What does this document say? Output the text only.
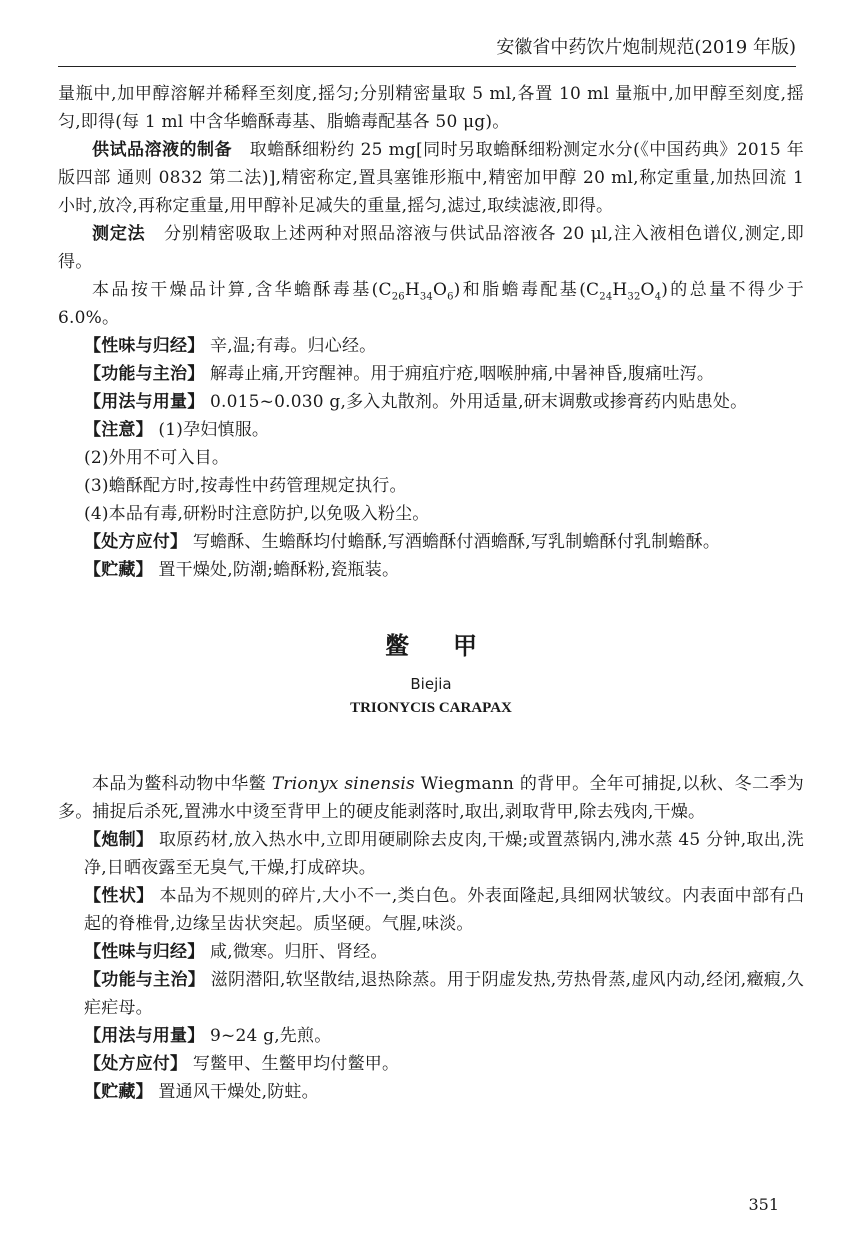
安徽省中药饮片炮制规范(2019 年版)

量瓶中,加甲醇溶解并稀释至刻度,摇匀;分别精密量取 5 ml,各置 10 ml 量瓶中,加甲醇至刻度,摇匀,即得(每 1 ml 中含华蟾酥毒基、脂蟾毒配基各 50 μg)。

供试品溶液的制备 取蟾酥细粉约 25 mg[同时另取蟾酥细粉测定水分(《中国药典》2015 年版四部 通则 0832 第二法)],精密称定,置具塞锥形瓶中,精密加甲醇 20 ml,称定重量,加热回流 1 小时,放冷,再称定重量,用甲醇补足减失的重量,摇匀,滤过,取续滤液,即得。

测定法 分别精密吸取上述两种对照品溶液与供试品溶液各 20 μl,注入液相色谱仪,测定,即得。

本品按干燥品计算,含华蟾酥毒基$(C_{26}H_{34}O_6)$和脂蟾毒配基$(C_{24}H_{32}O_4)$的总量不得少于 6.0%。

【性味与归经】 辛,温;有毒。归心经。

【功能与主治】 解毒止痛,开窍醒神。用于痈疽疔疮,咽喉肿痛,中暑神昏,腹痛吐泻。

【用法与用量】 0.015~0.030 g,多入丸散剂。外用适量,研末调敷或掺膏药内贴患处。

【注意】 (1)孕妇慎服。

(2)外用不可入目。

(3)蟾酥配方时,按毒性中药管理规定执行。

(4)本品有毒,研粉时注意防护,以免吸入粉尘。

【处方应付】 写蟾酥、生蟾酥均付蟾酥,写酒蟾酥付酒蟾酥,写乳制蟾酥付乳制蟾酥。

【贮藏】 置干燥处,防潮;蟾酥粉,瓷瓶装。

鳖甲
Biejia
TRIONYCIS CARAPAX

本品为鳖科动物中华鳖 Trionyx sinensis Wiegmann 的背甲。全年可捕捉,以秋、冬二季为多。捕捉后杀死,置沸水中烫至背甲上的硬皮能剥落时,取出,剥取背甲,除去残肉,干燥。

【炮制】 取原药材,放入热水中,立即用硬刷除去皮肉,干燥;或置蒸锅内,沸水蒸 45 分钟,取出,洗净,日晒夜露至无臭气,干燥,打成碎块。

【性状】 本品为不规则的碎片,大小不一,类白色。外表面隆起,具细网状皱纹。内表面中部有凸起的脊椎骨,边缘呈齿状突起。质坚硬。气腥,味淡。

【性味与归经】 咸,微寒。归肝、肾经。

【功能与主治】 滋阴潜阳,软坚散结,退热除蒸。用于阴虚发热,劳热骨蒸,虚风内动,经闭,癥瘕,久疟疟母。

【用法与用量】 9~24 g,先煎。

【处方应付】 写鳖甲、生鳖甲均付鳖甲。

【贮藏】 置通风干燥处,防蛀。

351
